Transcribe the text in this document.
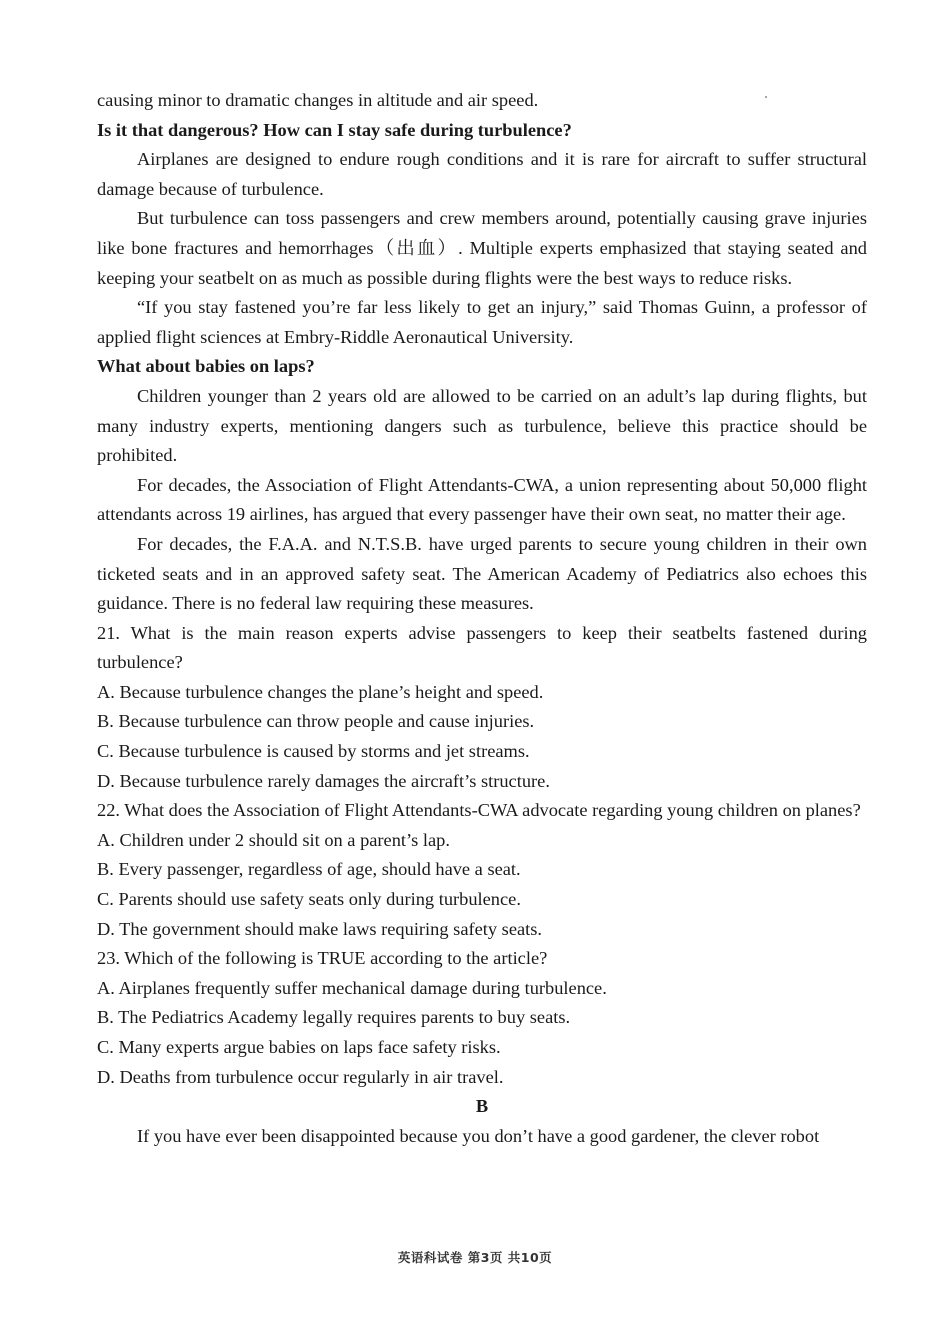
causing minor to dramatic changes in altitude and air speed.

Is it that dangerous? How can I stay safe during turbulence?

Airplanes are designed to endure rough conditions and it is rare for aircraft to suffer structural damage because of turbulence.

But turbulence can toss passengers and crew members around, potentially causing grave injuries like bone fractures and hemorrhages（出血）. Multiple experts emphasized that staying seated and keeping your seatbelt on as much as possible during flights were the best ways to reduce risks.

“If you stay fastened you’re far less likely to get an injury,” said Thomas Guinn, a professor of applied flight sciences at Embry-Riddle Aeronautical University.

What about babies on laps?

Children younger than 2 years old are allowed to be carried on an adult’s lap during flights, but many industry experts, mentioning dangers such as turbulence, believe this practice should be prohibited.

For decades, the Association of Flight Attendants-CWA, a union representing about 50,000 flight attendants across 19 airlines, has argued that every passenger have their own seat, no matter their age.

For decades, the F.A.A. and N.T.S.B. have urged parents to secure young children in their own ticketed seats and in an approved safety seat. The American Academy of Pediatrics also echoes this guidance. There is no federal law requiring these measures.

21. What is the main reason experts advise passengers to keep their seatbelts fastened during turbulence?

A. Because turbulence changes the plane’s height and speed.

B. Because turbulence can throw people and cause injuries.

C. Because turbulence is caused by storms and jet streams.

D. Because turbulence rarely damages the aircraft’s structure.

22. What does the Association of Flight Attendants-CWA advocate regarding young children on planes?

A. Children under 2 should sit on a parent’s lap.

B. Every passenger, regardless of age, should have a seat.

C. Parents should use safety seats only during turbulence.

D. The government should make laws requiring safety seats.

23. Which of the following is TRUE according to the article?

A. Airplanes frequently suffer mechanical damage during turbulence.

B. The Pediatrics Academy legally requires parents to buy seats.

C. Many experts argue babies on laps face safety risks.

D. Deaths from turbulence occur regularly in air travel.

B

If you have ever been disappointed because you don’t have a good gardener, the clever robot

英语科试卷 第3页 共10页
